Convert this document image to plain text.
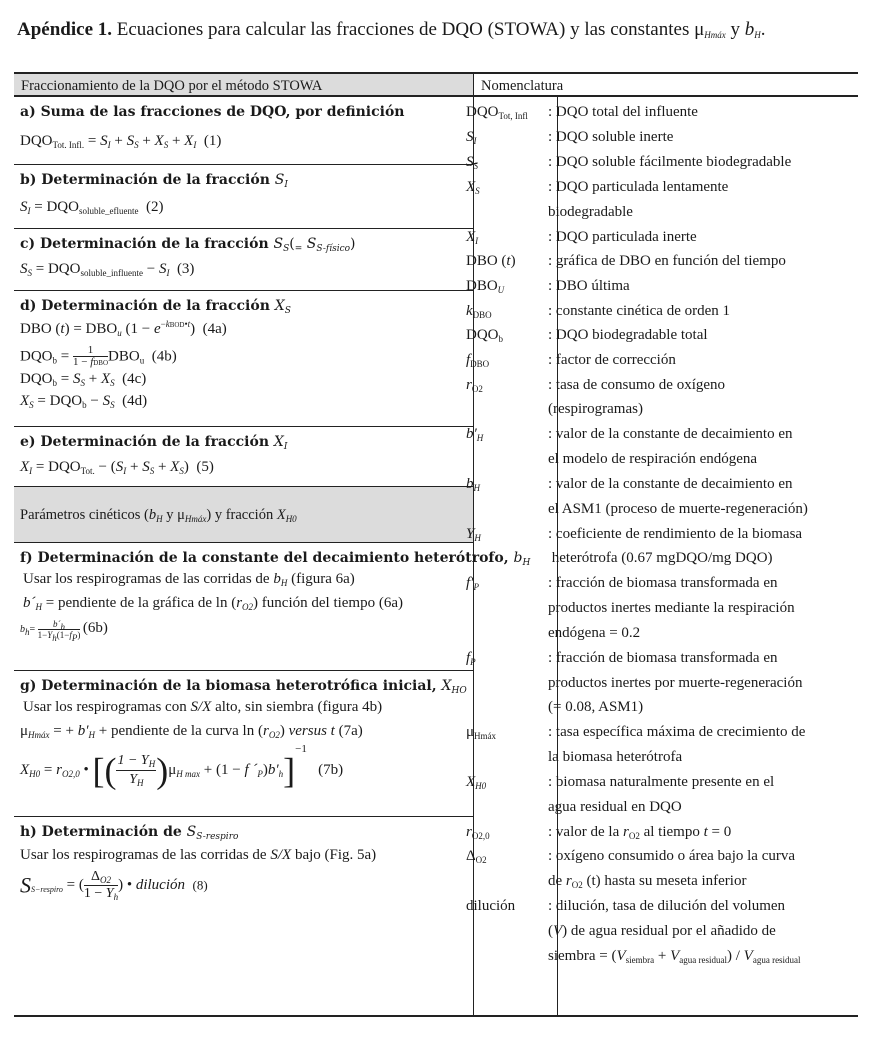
Apéndice 1. Ecuaciones para calcular las fracciones de DQO (STOWA) y las constantes $\mu_{Hmáx}$ y $b_H$.
Fraccionamiento de la DQO por el método STOWA	Nomenclatura
a) Suma de las fracciones de DQO, por definición
$DQO_{Tot. Infl.} = S_I + S_S + X_S + X_I$ (1)
b) Determinación de la fracción $S_I$
$S_I = DQO_{soluble\_efluente}$ (2)
c) Determinación de la fracción $S_S(_=$ $S_{S-físico}$)
$S_S = DQO_{soluble\_influente} - S_I$ (3)
d) Determinación de la fracción $X_S$
DBO $(t) = DBO_u$ $(1 - e^{-kBOD•t})$  (4a)
$DQO_b = \frac{1}{\text{1 − fDBO}} DBO_u$ (4b)
$DQO_b = S_S + X_S$ (4c)
$X_S = DQO_b - S_S$ (4d)
e) Determinación de la fracción $X_I$
$X_I = DQO_{Tot.} - (S_I + S_S + X_S)$  (5)
Parámetros cinéticos ($b_H$ y $\mu_{Hmáx}$) y fracción $X_{H0}$
f) Determinación de la constante del decaimiento heterótrofo, $b_H$
Usar los respirogramas de las corridas de $b_H$ (figura 6a)
$b´_H$ = pendiente de la gráfica de $\ln (r_{O2})$ función del tiempo (6a)
$b_h= \frac{b´_h}{1-Y_h(1-f_P)} (6b)$
g) Determinación de la biomasa heterotrófica inicial, $X_{HO}$
Usar los respirogramas con S/X alto, sin siembra (figura 4b)
$\mu_{Hmáx}$ = + $b'_H$ + pendiente de la curva $\ln (r_{O2})$ versus t (7a)
$X_{H0} = r_{O2,0}$ • [( $\frac{1 - Y_H}{Y_H} )\mu_{H max} + (1 - f$ $´_P)b'_h]^{-1}$   (7b)
h) Determinación de $S_{S-respiro}$
Usar los respirogramas de las corridas de S/X bajo (Fig. 5a)
$S_{S-respiro}$ = ( $\frac{\Delta_{O2}}{1 - Y_h}$ ) • dilución (8)
$DQO_{Tot, Infl}$ : DQO total del influente
$S_I$	: DQO soluble inerte
$S_S$	: DQO soluble fácilmente biodegradable
$X_S$	: DQO particulada lentamente
biodegradable
$X_I$	: DQO particulada inerte
DBO (t) : gráfica de DBO en función del tiempo
$DBO_U$	: DBO última
$k_{DBO}$	: constante cinética de orden 1
$DQO_b$	: DQO biodegradable total
$f_{DBO}$	: factor de corrección
$r_{O2}$	: tasa de consumo de oxígeno
(respirogramas)
$b'_H$	: valor de la constante de decaimiento en
el modelo de respiración endógena
$b_H$	: valor de la constante de decaimiento en
el ASM1 (proceso de muerte-regeneración)
$Y_H$	: coeficiente de rendimiento de la biomasa
heterótrofa (0.67 mgDQO/mg DQO)
$f'_P$	: fracción de biomasa transformada en
productos inertes mediante la respiración
endógena = 0.2
$f_P$	: fracción de biomasa transformada en
productos inertes por muerte-regeneración
(= 0.08, ASM1)
$\mu_{Hmáx}$	: tasa específica máxima de crecimiento de
la biomasa heterótrofa
$X_{H0}$	: biomasa naturalmente presente en el
agua residual en DQO
$r_{O2,0}$	: valor de la $r_{O2}$ al tiempo t = 0
$\Delta_{O2}$	: oxígeno consumido o área bajo la curva
de $r_{O2}$ (t) hasta su meseta inferior
dilución : dilución, tasa de dilución del volumen
(V) de agua residual por el añadido de
siembra = $(V_{siembra} + V_{agua residual}) / V_{agua residual}$
